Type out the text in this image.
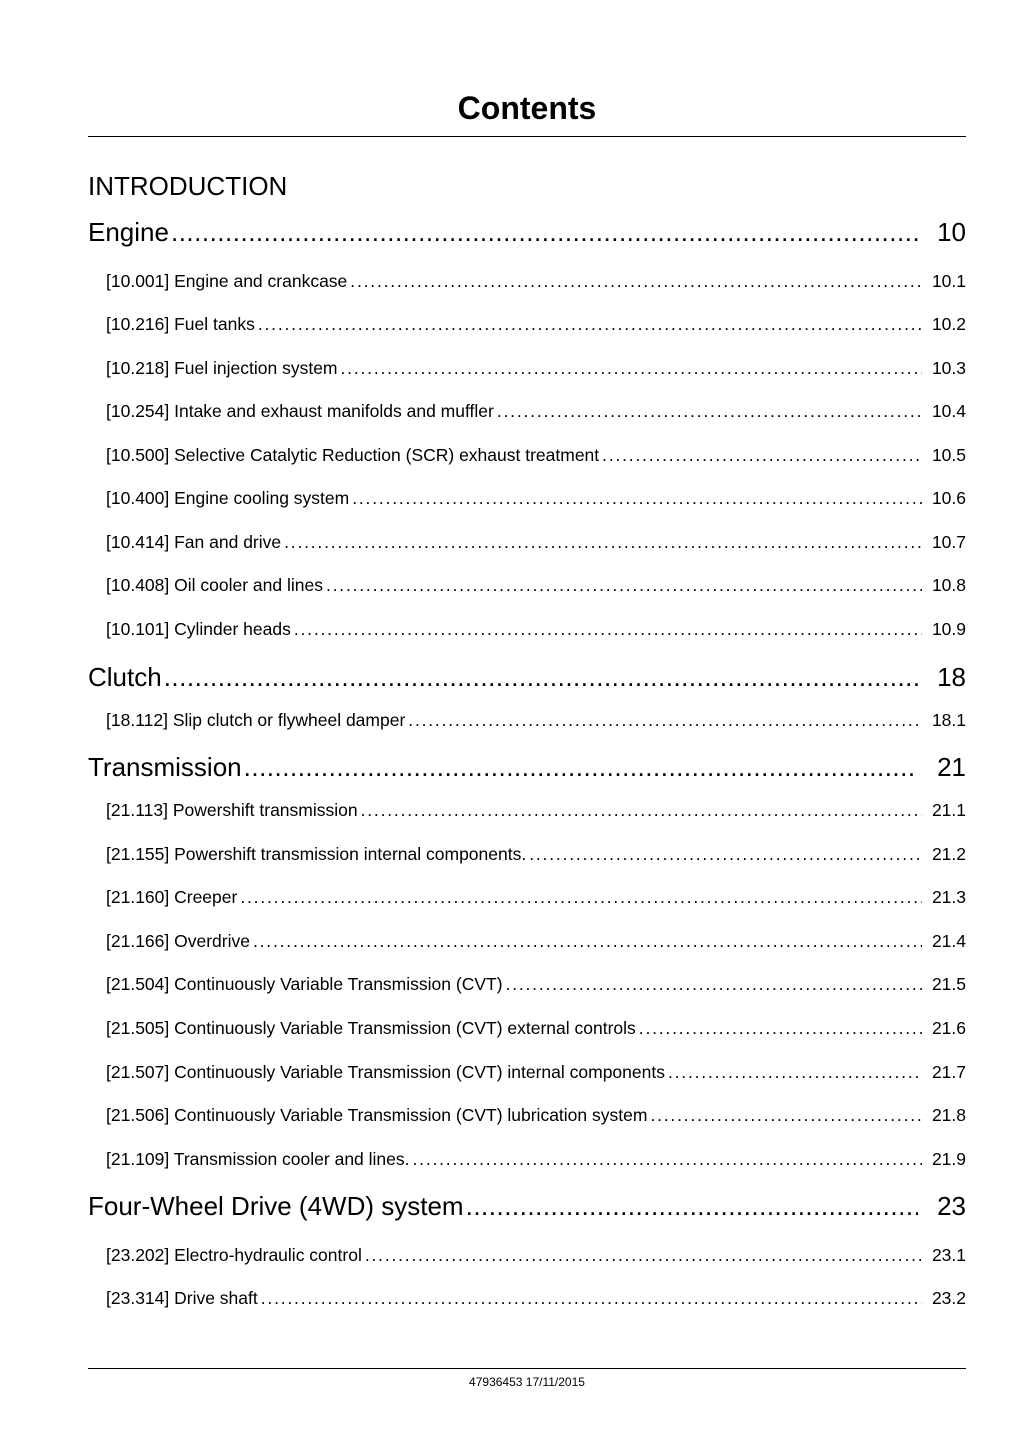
Contents
INTRODUCTION
Engine .....	10
[10.001] Engine and crankcase .....	10.1
[10.216] Fuel tanks .....	10.2
[10.218] Fuel injection system .....	10.3
[10.254] Intake and exhaust manifolds and muffler .....	10.4
[10.500] Selective Catalytic Reduction (SCR) exhaust treatment .....	10.5
[10.400] Engine cooling system .....	10.6
[10.414] Fan and drive .....	10.7
[10.408] Oil cooler and lines .....	10.8
[10.101] Cylinder heads .....	10.9
Clutch .....	18
[18.112] Slip clutch or flywheel damper .....	18.1
Transmission .....	21
[21.113] Powershift transmission .....	21.1
[21.155] Powershift transmission internal components. .....	21.2
[21.160] Creeper .....	21.3
[21.166] Overdrive .....	21.4
[21.504] Continuously Variable Transmission (CVT) .....	21.5
[21.505] Continuously Variable Transmission (CVT) external controls .....	21.6
[21.507] Continuously Variable Transmission (CVT) internal components .....	21.7
[21.506] Continuously Variable Transmission (CVT) lubrication system .....	21.8
[21.109] Transmission cooler and lines. .....	21.9
Four-Wheel Drive (4WD) system .....	23
[23.202] Electro-hydraulic control .....	23.1
[23.314] Drive shaft .....	23.2
47936453 17/11/2015
